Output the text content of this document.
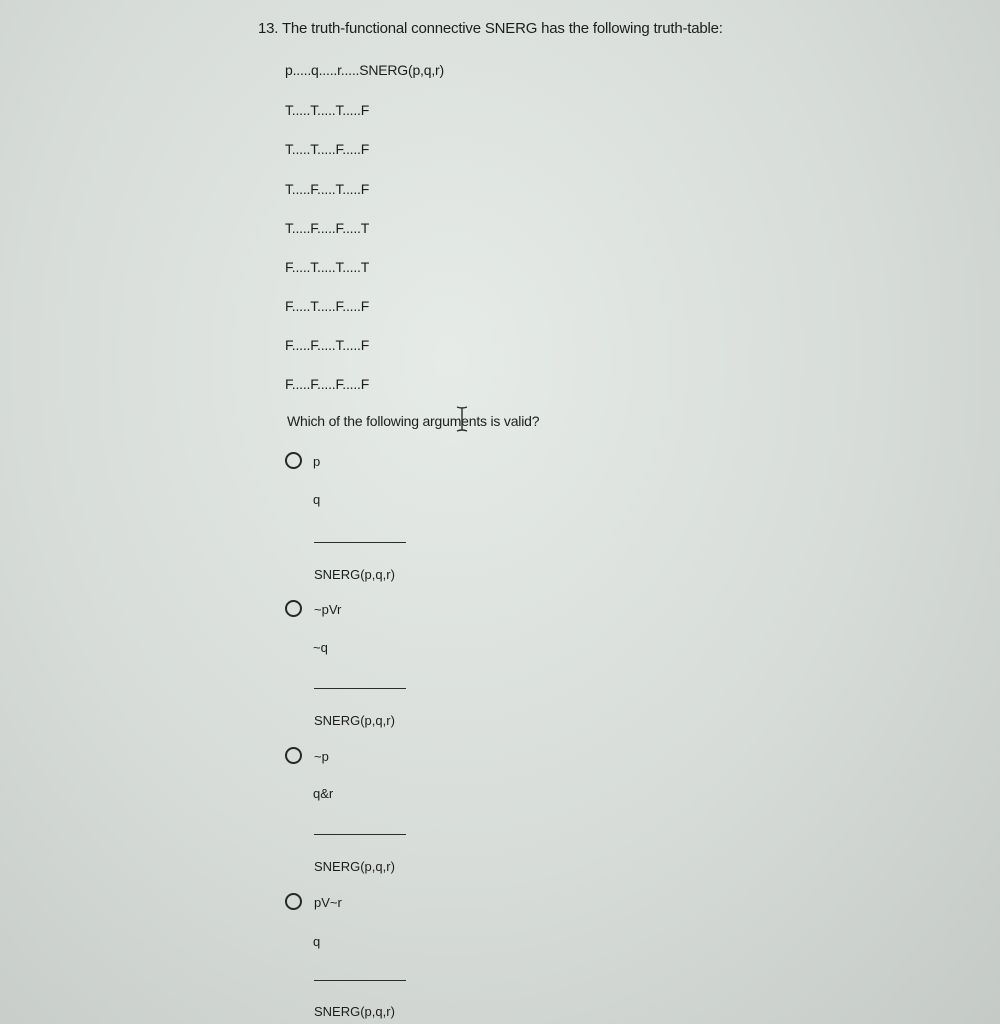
13. The truth-functional connective SNERG has the following truth-table:
p.....q.....r.....SNERG(p,q,r)
T.....T.....T.....F
T.....T.....F.....F
T.....F.....T.....F
T.....F.....F.....T
F.....T.....T.....T
F.....T.....F.....F
F.....F.....T.....F
F.....F.....F.....F
Which of the following arguments is valid?
p
q
SNERG(p,q,r)
~pVr
~q
SNERG(p,q,r)
~p
q&r
SNERG(p,q,r)
pV~r
q
SNERG(p,q,r)
